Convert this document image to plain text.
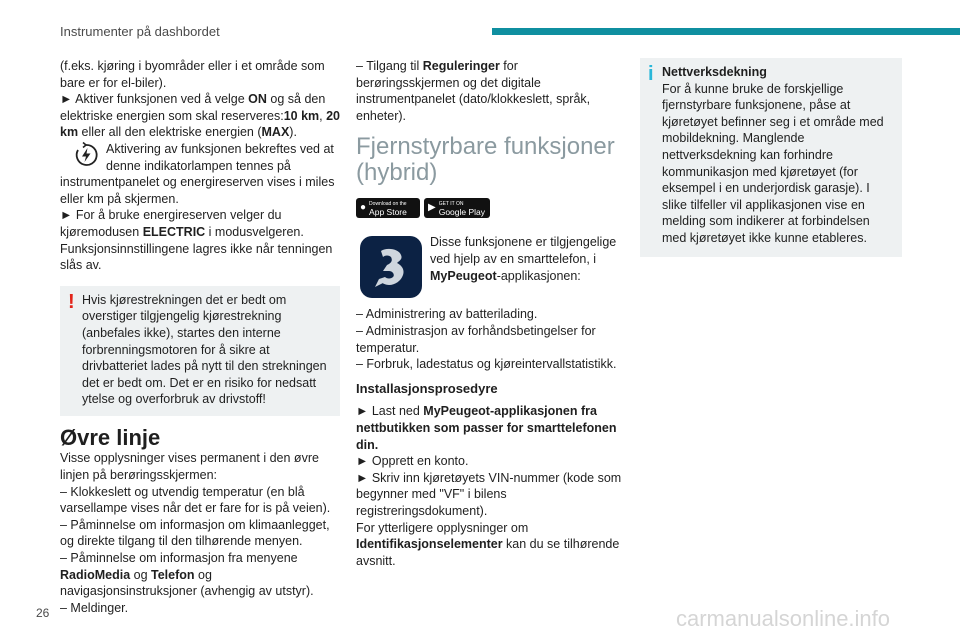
Instrumenter på dashbordet

(f.eks. kjøring i byområder eller i et område som bare er for el-biler).

► Aktiver funksjonen ved å velge ON og så den elektriske energien som skal reserveres:10 km, 20 km eller all den elektriske energien (MAX).

Aktivering av funksjonen bekreftes ved at denne indikatorlampen tennes på instrumentpanelet og energireserven vises i miles eller km på skjermen.

► For å bruke energireserven velger du kjøremodusen ELECTRIC i modusvelgeren. Funksjonsinnstillingene lagres ikke når tenningen slås av.

! Hvis kjørestrekningen det er bedt om overstiger tilgjengelig kjørestrekning (anbefales ikke), startes den interne forbrenningsmotoren for å sikre at drivbatteriet lades på nytt til den strekningen det er bedt om. Det er en risiko for nedsatt ytelse og overforbruk av drivstoff!

Øvre linje

Visse opplysninger vises permanent i den øvre linjen på berøringsskjermen:

– Klokkeslett og utvendig temperatur (en blå varsellampe vises når det er fare for is på veien).

– Påminnelse om informasjon om klimaanlegget, og direkte tilgang til den tilhørende menyen.

– Påminnelse om informasjon fra menyene RadioMedia og Telefon og navigasjonsinstruksjoner (avhengig av utstyr).

– Meldinger.

– Tilgang til Reguleringer for berøringsskjermen og det digitale instrumentpanelet (dato/klokkeslett, språk, enheter).

Fjernstyrbare funksjoner (hybrid)
● Download on the
App Store ▶ GET IT ON
Google Play

Disse funksjonene er tilgjengelige ved hjelp av en smarttelefon, i MyPeugeot-applikasjonen:

– Administrering av batterilading.

– Administrasjon av forhåndsbetingelser for temperatur.

– Forbruk, ladestatus og kjøreintervallstatistikk.

Installasjonsprosedyre

► Last ned MyPeugeot-applikasjonen fra nettbutikken som passer for smarttelefonen din.

► Opprett en konto.

► Skriv inn kjøretøyets VIN-nummer (kode som begynner med "VF" i bilens registreringsdokument).

For ytterligere opplysninger om Identifikasjonselementer kan du se tilhørende avsnitt.

i Nettverksdekning

For å kunne bruke de forskjellige fjernstyrbare funksjonene, påse at kjøretøyet befinner seg i et område med mobildekning. Manglende nettverksdekning kan forhindre kommunikasjon med kjøretøyet (for eksempel i en underjordisk garasje). I slike tilfeller vil applikasjonen vise en melding som indikerer at forbindelsen med kjøretøyet ikke kunne etableres.

26	carmanualsonline.info
